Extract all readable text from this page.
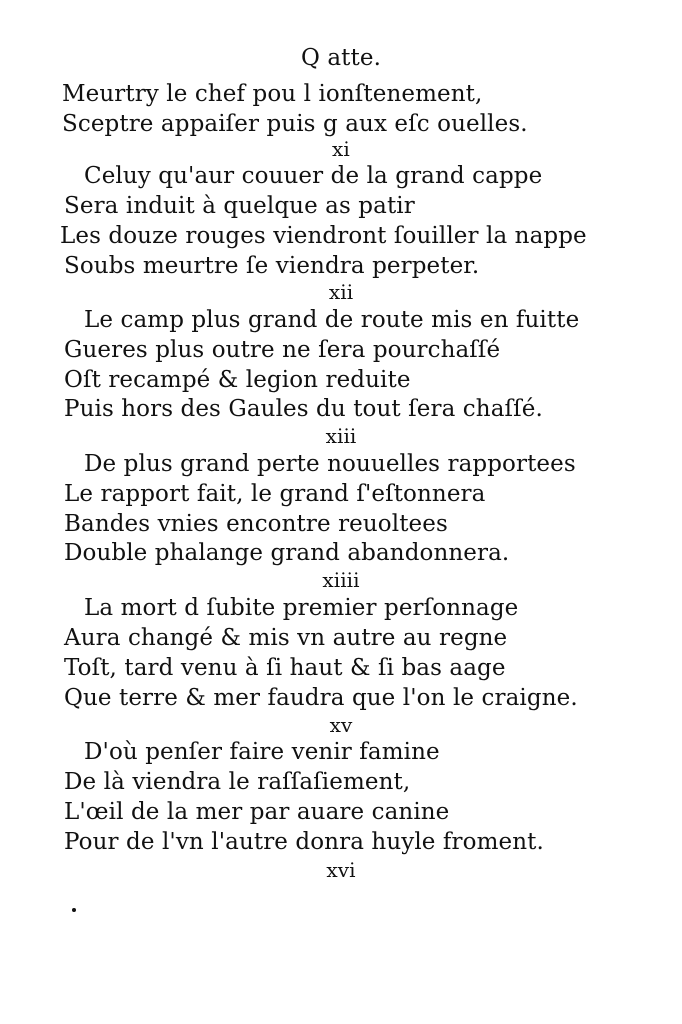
Q atte.
Meurtry le chef pou l ionſtenement,
Sceptre appaiſer puis g aux eſc ouelles.
xi
Celuy qu'aur couuer de la grand cappe
Sera induit à quelque as patir
Les douze rouges viendront ſouiller la nappe
Soubs meurtre ſe viendra perpeter.
xii
Le camp plus grand de route mis en fuitte
Gueres plus outre ne ſera pourchaſſé
Oſt recampé & legion reduite
Puis hors des Gaules du tout ſera chaſſé.
xiii
De plus grand perte nouuelles rapportees
Le rapport fait, le grand ſ'eſtonnera
Bandes vnies encontre reuoltees
Double phalange grand abandonnera.
xiiii
La mort d ſubite premier perſonnage
Aura changé & mis vn autre au regne
Toſt, tard venu à ſi haut & ſi bas aage
Que terre & mer faudra que l'on le craigne.
xv
D'où penſer faire venir famine
De là viendra le raſſaſiement,
L'œil de la mer par auare canine
Pour de l'vn l'autre donra huyle froment.
xvi
